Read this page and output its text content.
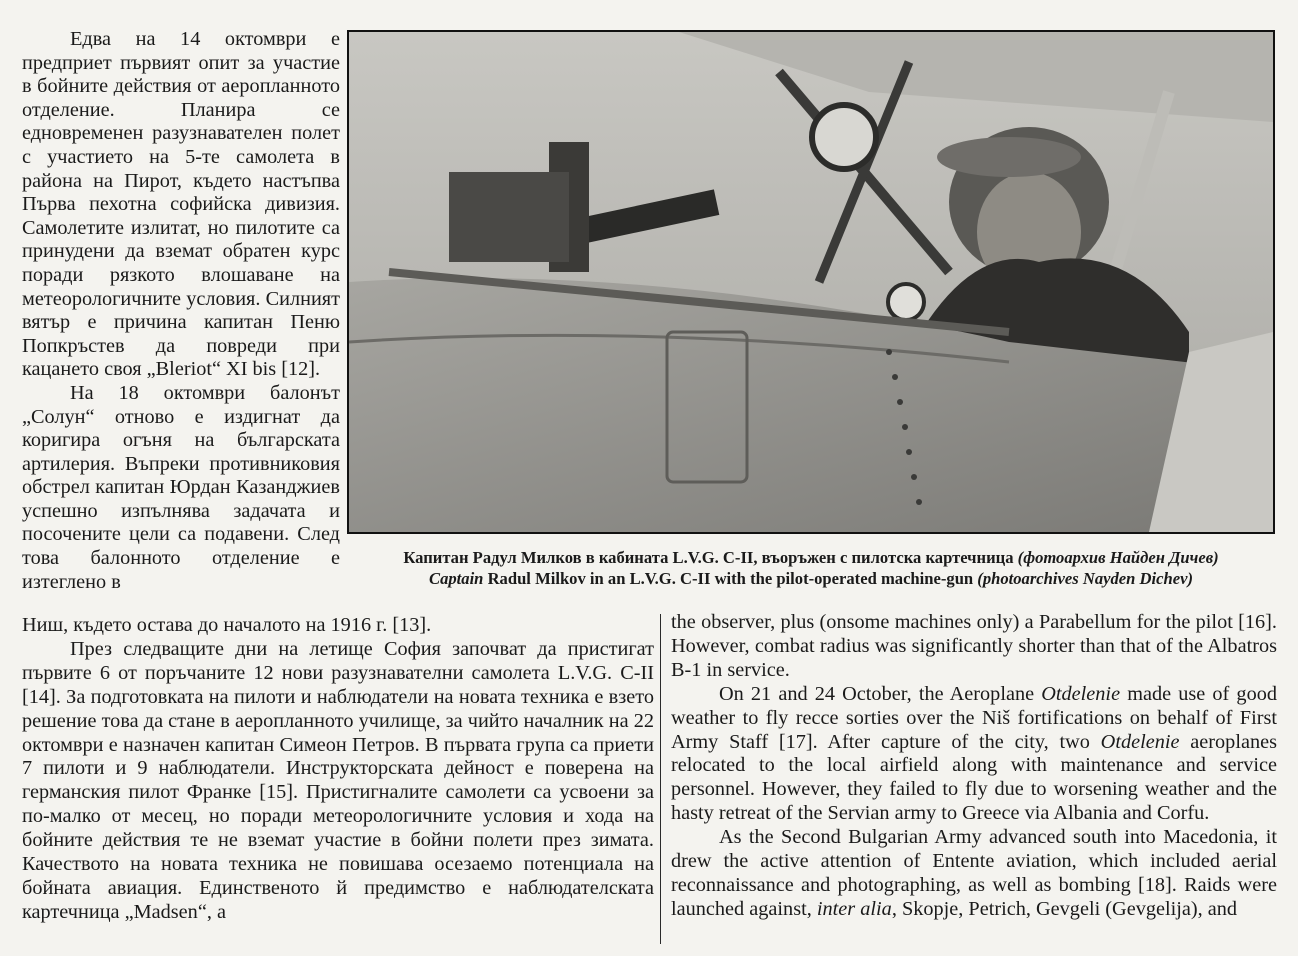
Едва на 14 октомври е предприет първият опит за участие в бойните действия от аеропланното отделение. Планира се едновременен разузнавателен полет с участието на 5-те самолета в района на Пирот, където настъпва Първа пехотна софийска дивизия. Самолетите излитат, но пилотите са принудени да вземат обратен курс поради рязкото влошаване на метеорологичните условия. Силният вятър е причина капитан Пеню Попкръстев да повреди при кацането своя „Bleriot“ XI bis [12].

На 18 октомври балонът „Солун“ отново е издигнат да коригира огъня на българската артилерия. Въпреки противниковия обстрел капитан Юрдан Казанджиев успешно изпълнява задачата и посочените цели са подавени. След това балонното отделение е изтеглено в

Капитан Радул Милков в кабината L.V.G. C-II, въоръжен с пилотска картечница (фотоархив Найден Дичев)
Captain Radul Milkov in an L.V.G. C-II with the pilot-operated machine-gun (photoarchives Nayden Dichev)

Ниш, където остава до началото на 1916 г. [13].

През следващите дни на летище София започват да пристигат първите 6 от поръчаните 12 нови разузнавателни самолета L.V.G. C-II [14]. За подготовката на пилоти и наблюдатели на новата техника е взето решение това да стане в аеропланното училище, за чийто началник на 22 октомври е назначен капитан Симеон Петров. В първата група са приети 7 пилоти и 9 наблюдатели. Инструкторската дейност е поверена на германския пилот Франке [15]. Пристигналите самолети са усвоени за по-малко от месец, но поради метеорологичните условия и хода на бойните действия те не вземат участие в бойни полети през зимата. Качеството на новата техника не повишава осезаемо потенциала на бойната авиация. Единственото й предимство е наблюдателската картечница „Madsen“, а

the observer, plus (onsome machines only) a Parabellum for the pilot [16]. However, combat radius was significantly shorter than that of the Albatros B-1 in service.

On 21 and 24 October, the Aeroplane Otdelenie made use of good weather to fly recce sorties over the Niš fortifications on behalf of First Army Staff [17]. After capture of the city, two Otdelenie aeroplanes relocated to the local airfield along with maintenance and service personnel. However, they failed to fly due to worsening weather and the hasty retreat of the Servian army to Greece via Albania and Corfu.

As the Second Bulgarian Army advanced south into Macedonia, it drew the active attention of Entente aviation, which included aerial reconnaissance and photographing, as well as bombing [18]. Raids were launched against, inter alia, Skopje, Petrich, Gevgeli (Gevgelija), and
